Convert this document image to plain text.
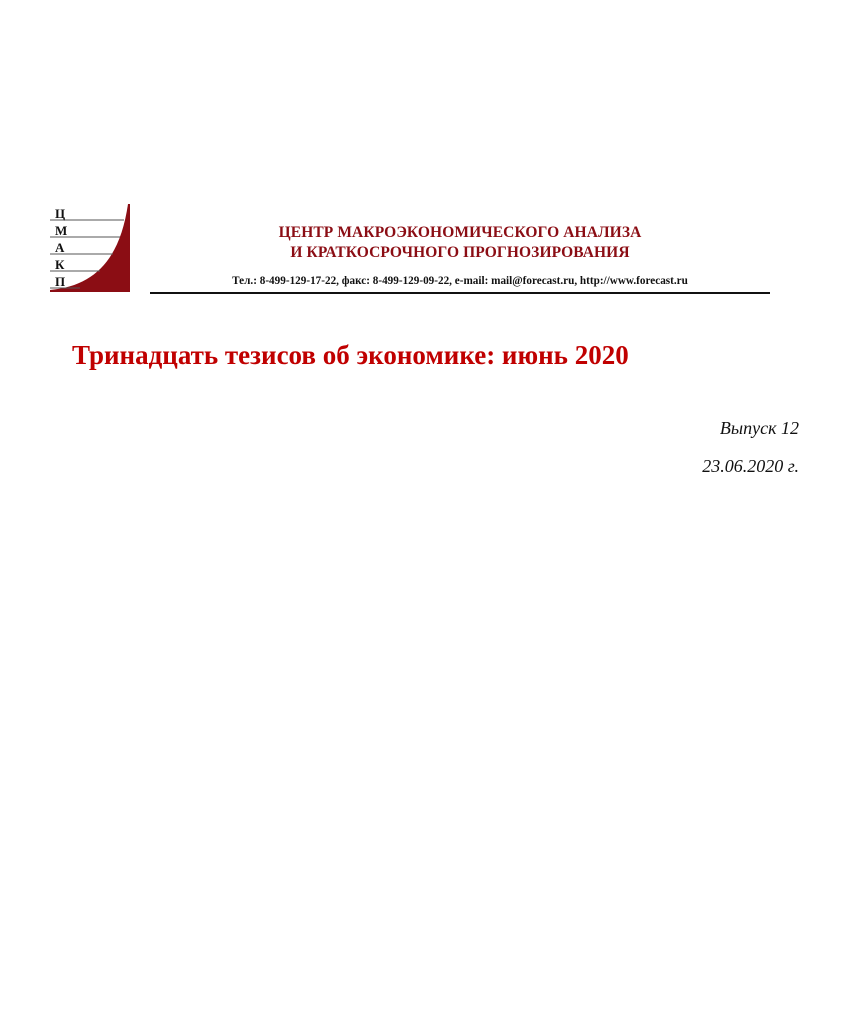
Ц
М
А
К
П
ЦЕНТР МАКРОЭКОНОМИЧЕСКОГО АНАЛИЗА
И КРАТКОСРОЧНОГО ПРОГНОЗИРОВАНИЯ
Тел.: 8-499-129-17-22, факс: 8-499-129-09-22, e-mail: mail@forecast.ru, http://www.forecast.ru
Тринадцать тезисов об экономике: июнь 2020
Выпуск 12
23.06.2020 г.
